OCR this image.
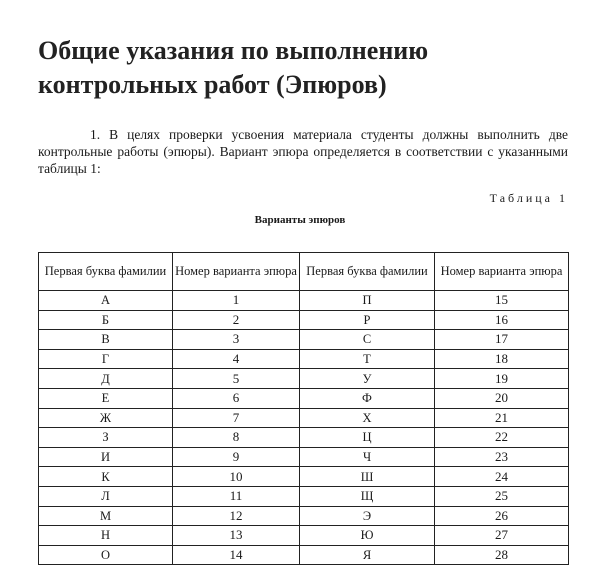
Общие указания по выполнению
контрольных работ (Эпюров)
1. В целях проверки усвоения материала студенты должны выполнить две контрольные работы (эпюры). Вариант эпюра определяется в соответствии с указанными таблицы 1:
Таблица 1
Варианты эпюров
Первая буква фамилии	Номер варианта эпюра	Первая буква фамилии	Номер варианта эпюра
А	1	П	15
Б	2	Р	16
В	3	С	17
Г	4	Т	18
Д	5	У	19
Е	6	Ф	20
Ж	7	Х	21
З	8	Ц	22
И	9	Ч	23
К	10	Ш	24
Л	11	Щ	25
М	12	Э	26
Н	13	Ю	27
О	14	Я	28
